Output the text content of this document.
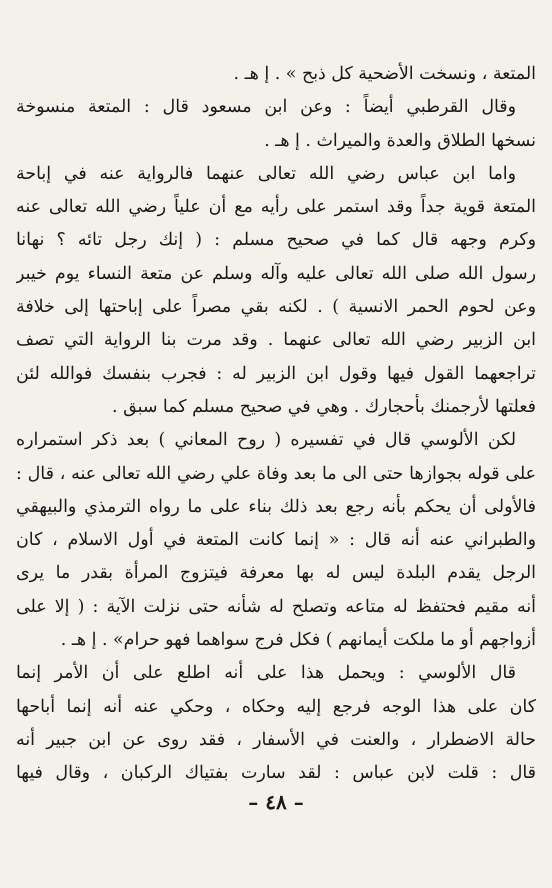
المتعة ، ونسخت الأضحية كل ذبح » . إ هـ .
وقال القرطبي أيضاً : وعن ابن مسعود قال : المتعة منسوخة
نسخها الطلاق والعدة والميراث . إ هـ .
واما ابن عباس رضي الله تعالى عنهما فالرواية عنه في إباحة
المتعة قوية جداً وقد استمر على رأيه مع أن علياً رضي الله تعالى عنه
وكرم وجهه قال كما في صحيح مسلم : ( إنك رجل تائه ؟ نهانا
رسول الله صلى الله تعالى عليه وآله وسلم عن متعة النساء يوم خيبر
وعن لحوم الحمر الانسية ) . لكنه بقي مصراً على إباحتها إلى خلافة
ابن الزبير رضي الله تعالى عنهما . وقد مرت بنا الرواية التي تصف
تراجعهما القول فيها وقول ابن الزبير له : فجرب بنفسك فوالله لئن
فعلتها لأرجمنك بأحجارك . وهي في صحيح مسلم كما سبق .
لكن الألوسي قال في تفسيره ( روح المعاني ) بعد ذكر استمراره
على قوله بجوازها حتى الى ما بعد وفاة علي رضي الله تعالى عنه ، قال :
فالأولى أن يحكم بأنه رجع بعد ذلك بناء على ما رواه الترمذي والبيهقي
والطبراني عنه أنه قال : « إنما كانت المتعة في أول الاسلام ، كان
الرجل يقدم البلدة ليس له بها معرفة فيتزوج المرأة بقدر ما يرى
أنه مقيم فحتفظ له متاعه وتصلح له شأنه حتى نزلت الآية : ( إلا على
أزواجهم أو ما ملكت أيمانهم ) فكل فرج سواهما فهو حرام» . إ هـ .
قال الألوسي : ويحمل هذا على أنه اطلع على أن الأمر إنما
كان على هذا الوجه فرجع إليه وحكاه ، وحكي عنه أنه إنما أباحها
حالة الاضطرار ، والعنت في الأسفار ، فقد روى عن ابن جبير أنه
قال : قلت لابن عباس : لقد سارت بفتياك الركبان ، وقال فيها
– ٤٨ –
